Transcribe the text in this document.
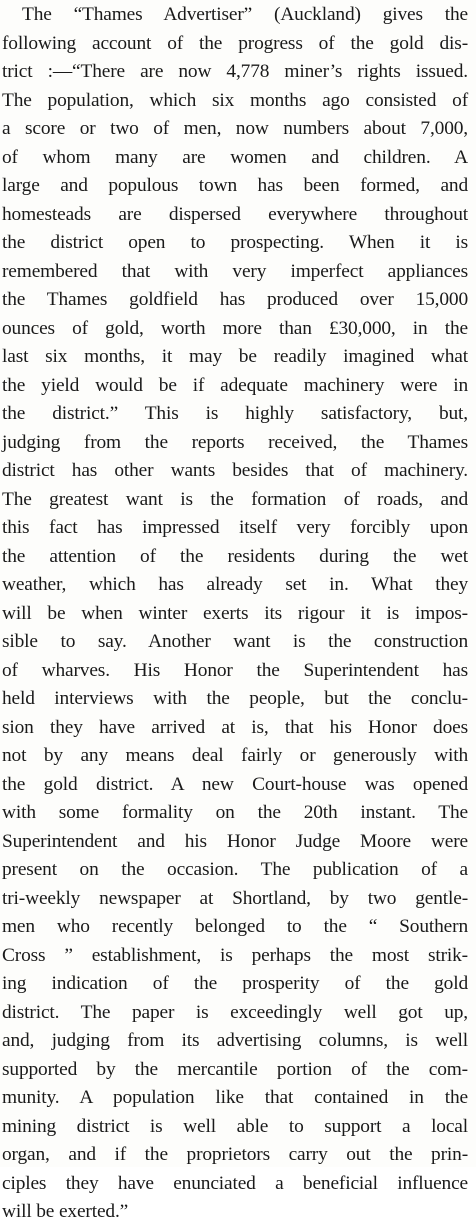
The “Thames Advertiser” (Auckland) gives the
following account of the progress of the gold dis-
trict :—“There are now 4,778 miner’s rights issued.
The population, which six months ago consisted of
a score or two of men, now numbers about 7,000,
of whom many are women and children. A
large and populous town has been formed, and
homesteads are dispersed everywhere throughout
the district open to prospecting. When it is
remembered that with very imperfect appliances
the Thames goldfield has produced over 15,000
ounces of gold, worth more than £30,000, in the
last six months, it may be readily imagined what
the yield would be if adequate machinery were in
the district.” This is highly satisfactory, but,
judging from the reports received, the Thames
district has other wants besides that of machinery.
The greatest want is the formation of roads, and
this fact has impressed itself very forcibly upon
the attention of the residents during the wet
weather, which has already set in. What they
will be when winter exerts its rigour it is impos-
sible to say. Another want is the construction
of wharves. His Honor the Superintendent has
held interviews with the people, but the conclu-
sion they have arrived at is, that his Honor does
not by any means deal fairly or generously with
the gold district. A new Court-house was opened
with some formality on the 20th instant. The
Superintendent and his Honor Judge Moore were
present on the occasion. The publication of a
tri-weekly newspaper at Shortland, by two gentle-
men who recently belonged to the “ Southern
Cross ” establishment, is perhaps the most strik-
ing indication of the prosperity of the gold
district. The paper is exceedingly well got up,
and, judging from its advertising columns, is well
supported by the mercantile portion of the com-
munity. A population like that contained in the
mining district is well able to support a local
organ, and if the proprietors carry out the prin-
ciples they have enunciated a beneficial influence
will be exerted.”
